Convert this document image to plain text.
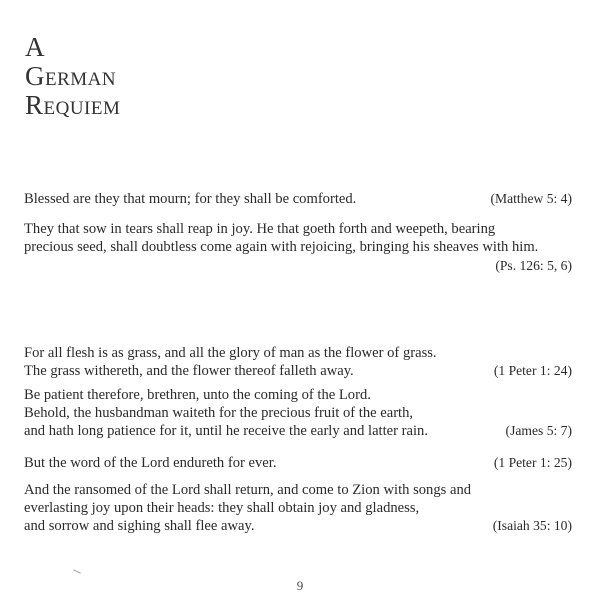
A
German
Requiem
Blessed are they that mourn; for they shall be comforted.	(Matthew 5: 4)
They that sow in tears shall reap in joy. He that goeth forth and weepeth, bearing
precious seed, shall doubtless come again with rejoicing, bringing his sheaves with him.
(Ps. 126: 5, 6)
For all flesh is as grass, and all the glory of man as the flower of grass.
The grass withereth, and the flower thereof falleth away.	(1 Peter 1: 24)
Be patient therefore, brethren, unto the coming of the Lord.
Behold, the husbandman waiteth for the precious fruit of the earth,
and hath long patience for it, until he receive the early and latter rain.	(James 5: 7)
But the word of the Lord endureth for ever.	(1 Peter 1: 25)
And the ransomed of the Lord shall return, and come to Zion with songs and
everlasting joy upon their heads: they shall obtain joy and gladness,
and sorrow and sighing shall flee away.	(Isaiah 35: 10)
9
